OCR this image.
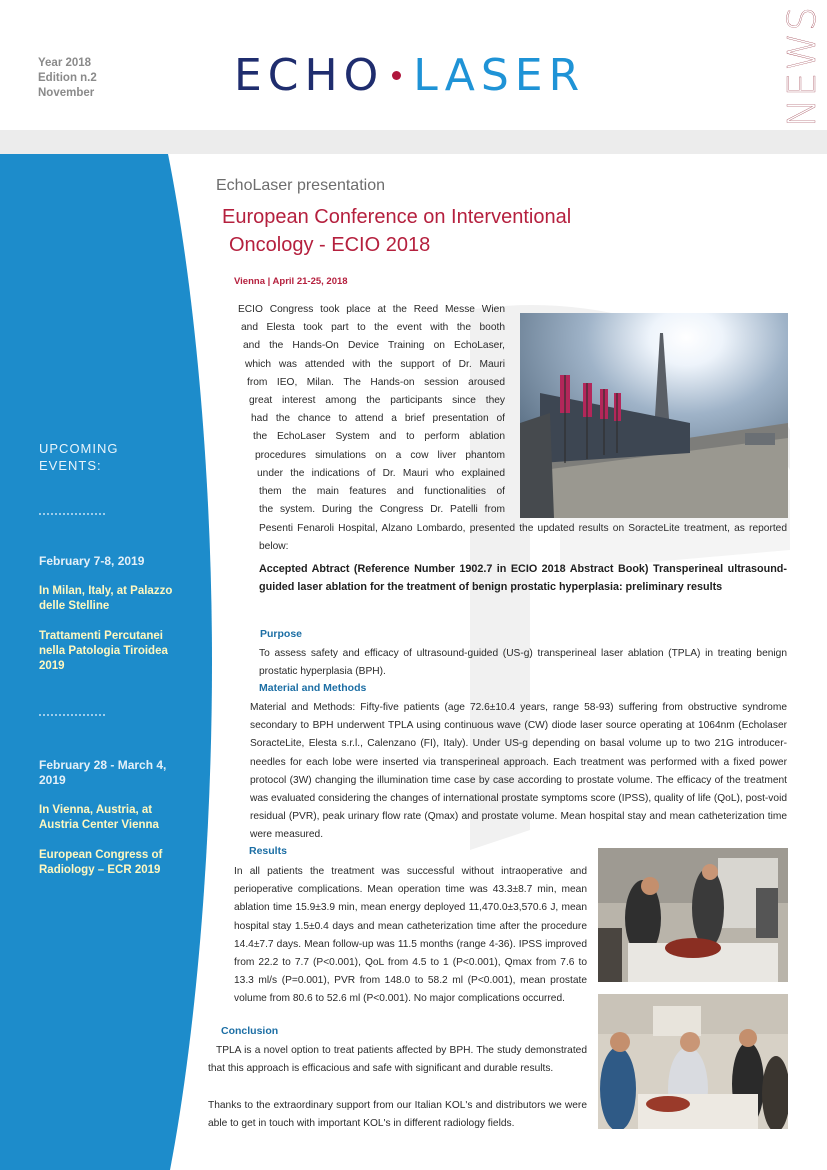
Year 2018
Edition n.2
November	ECHO LASER	NEWS
UPCOMING
EVENTS:
February 7-8, 2019
In Milan, Italy, at Palazzo
delle Stelline
Trattamenti Percutanei
nella Patologia Tiroidea
2019
February 28 - March 4,
2019
In Vienna, Austria, at
Austria Center Vienna
European Congress of
Radiology – ECR 2019
EchoLaser presentation
European Conference on Interventional
Oncology - ECIO 2018
Vienna | April 21-25, 2018
ECIO Congress took place at the Reed Messe Wien
and Elesta took part to the event with the booth
and the Hands-On Device Training on EchoLaser,
which was attended with the support of Dr. Mauri
from IEO, Milan. The Hands-on session aroused
great interest among the participants since they
had the chance to attend a brief presentation of
the EchoLaser System and to perform ablation
procedures simulations on a cow liver phantom
under the indications of Dr. Mauri who explained
them the main features and functionalities of
the system. During the Congress Dr. Patelli from
Pesenti Fenaroli Hospital, Alzano Lombardo, presented the updated results on SoracteLite treatment, as reported below:
Accepted Abtract (Reference Number 1902.7 in ECIO 2018 Abstract Book) Transperineal ultrasound-guided laser ablation for the treatment of benign prostatic hyperplasia: preliminary results
Purpose
To assess safety and efficacy of ultrasound-guided (US-g) transperineal laser ablation (TPLA) in treating benign prostatic hyperplasia (BPH).
Material and Methods
Material and Methods: Fifty-five patients (age 72.6±10.4 years, range 58-93) suffering from obstructive syndrome secondary to BPH underwent TPLA using continuous wave (CW) diode laser source operating at 1064nm (Echolaser SoracteLite, Elesta s.r.l., Calenzano (FI), Italy). Under US-g depending on basal volume up to two 21G introducer-needles for each lobe were inserted via transperineal approach. Each treatment was performed with a fixed power protocol (3W) changing the illumination time case by case according to prostate volume. The efficacy of the treatment was evaluated considering the changes of international prostate symptoms score (IPSS), quality of life (QoL), post-void residual (PVR), peak urinary flow rate (Qmax) and prostate volume. Mean hospital stay and mean catheterization time were measured.
Results
In all patients the treatment was successful without intraoperative and perioperative complications. Mean operation time was 43.3±8.7 min, mean ablation time 15.9±3.9 min, mean energy deployed 11,470.0±3,570.6 J, mean hospital stay 1.5±0.4 days and mean catheterization time after the procedure 14.4±7.7 days. Mean follow-up was 11.5 months (range 4-36). IPSS improved from 22.2 to 7.7 (P<0.001), QoL from 4.5 to 1 (P<0.001), Qmax from 7.6 to 13.3 ml/s (P=0.001), PVR from 148.0 to 58.2 ml (P<0.001), mean prostate volume from 80.6 to 52.6 ml (P<0.001). No major complications occurred.
Conclusion
TPLA is a novel option to treat patients affected by BPH. The study demonstrated that this approach is efficacious and safe with significant and durable results.
Thanks to the extraordinary support from our Italian KOL's and distributors we were able to get in touch with important KOL's in different radiology fields.
